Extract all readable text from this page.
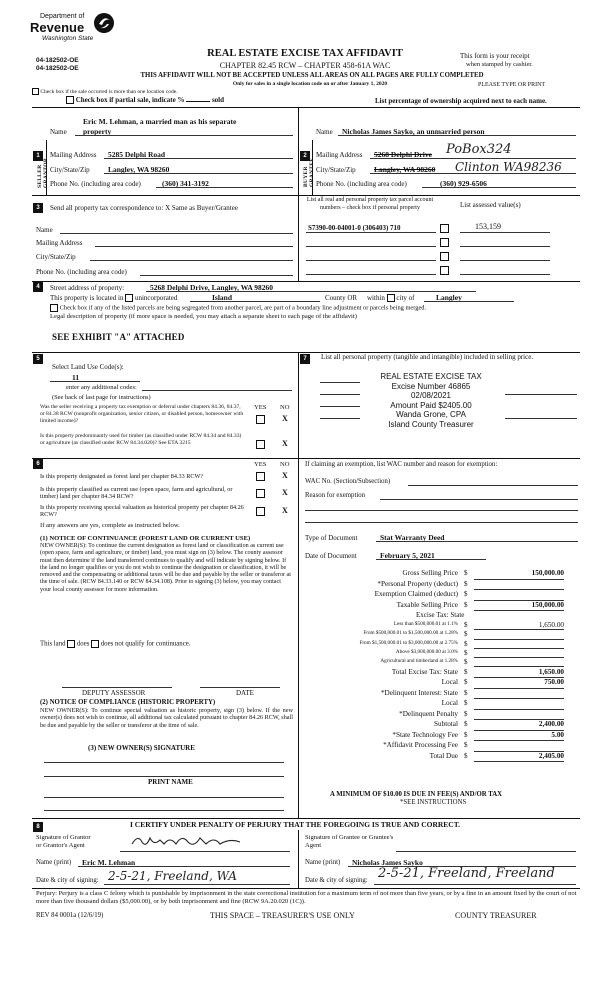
Department of
Revenue
Washington State
04-182502-OE
04-182502-OE
REAL ESTATE EXCISE TAX AFFIDAVIT
CHAPTER 82.45 RCW – CHAPTER 458-61A WAC
This form is your receipt
when stamped by cashier.
THIS AFFIDAVIT WILL NOT BE ACCEPTED UNLESS ALL AREAS ON ALL PAGES ARE FULLY COMPLETED
Only for sales in a single location code on or after January 1, 2020	PLEASE TYPE OR PRINT
Check box if the sale occurred is more than one location code.
Check box if partial sale, indicate %	sold	List percentage of ownership acquired next to each name.
1
SELLER GRANTOR
Eric M. Lehman, a married man as his separate
Name property
Mailing Address 5285 Delphi Road
City/State/Zip Langley, WA 98260
Phone No. (including area code)	(360) 341-3192
2
BUYER GRANTEE
Name Nicholas James Sayko, an unmarried person
Mailing Address 5268 Delphi Drive PoBox324
City/State/Zip Langley, WA 98260 Clinton WA98236
Phone No. (including area code)	(360) 929-6506
3	Send all property tax correspondence to: X Same as Buyer/Grantee
Name
Mailing Address
City/State/Zip
Phone No. (including area code)
List all real and personal property tax parcel account numbers – check box if personal property	List assessed value(s)
S7390-00-04001-0 (306403) 710	153,159
4	Street address of property:	5268 Delphi Drive, Langley, WA 98260
This property is located in unincorporated	Island	County OR within city of	Langley
Check box if any of the listed parcels are being segregated from another parcel, are part of a boundary line adjustment or parcels being merged.
Legal description of property (if more space is needed, you may attach a separate sheet to each page of the affidavit)
SEE EXHIBIT "A" ATTACHED
5
Select Land Use Code(s):
11
enter any additional codes:
(See back of last page for instructions)
YES NO
Was the seller receiving a property tax exemption or deferral under chapters 84.36, 84.37, or 84.38 RCW (nonprofit organization, senior citizen, or disabled person, homeowner with limited income)?	X
Is this property predominantly used for timber (as classified under RCW 84.34 and 84.33) or agriculture (as classified under RCW 84.34.020)? See ETA 3215	X
7	List all personal property (tangible and intangible) included in selling price.
REAL ESTATE EXCISE TAX
Excise Number 46865
02/08/2021
Amount Paid $2405.00
Wanda Grone, CPA
Island County Treasurer
6	YES NO
Is this property designated as forest land per chapter 84.33 RCW?	X
Is this property classified as current use (open space, farm and agricultural, or timber) land per chapter 84.34 RCW?	X
Is this property receiving special valuation as historical property per chapter 84.26 RCW?	X
If any answers are yes, complete as instructed below.
(1) NOTICE OF CONTINUANCE (FOREST LAND OR CURRENT USE)
NEW OWNER(S): To continue the current designation as forest land or classification as current use (open space, farm and agriculture, or timber) land, you must sign on (3) below. The county assessor must then determine if the land transferred continues to qualify and will indicate by signing below. If the land no longer qualifies or you do not wish to continue the designation or classification, it will be removed and the compensating or additional taxes will be due and payable by the seller or transferor at the time of sale. (RCW 84.33.140 or RCW 84.34.108). Prior to signing (3) below, you may contact your local county assessor for more information.
This land does does not qualify for continuance.
DEPUTY ASSESSOR	DATE
(2) NOTICE OF COMPLIANCE (HISTORIC PROPERTY)
NEW OWNER(S): To continue special valuation as historic property, sign (3) below. If the new owner(s) does not wish to continue, all additional tax calculated pursuant to chapter 84.26 RCW, shall be due and payable by the seller or transferor at the time of sale.
(3) NEW OWNER(S) SIGNATURE
PRINT NAME
If claiming an exemption, list WAC number and reason for exemption:
WAC No. (Section/Subsection)
Reason for exemption
Type of Document	Stat Warranty Deed
Date of Document	February 5, 2021
Gross Selling Price $	150,000.00
*Personal Property (deduct) $
Exemption Claimed (deduct) $
Taxable Selling Price $	150,000.00
Excise Tax: State
Less than $500,000.01 at 1.1% $	1,650.00
From $500,000.01 to $1,500,000.00 at 1.28% $
From $1,500,000.01 to $3,000,000.00 at 2.75% $
Above $3,000,000.00 at 3.0% $
Agricultural and timberland at 1.28% $
Total Excise Tax: State $	1,650.00
Local $	750.00
*Delinquent Interest: State $
Local $
*Delinquent Penalty $
Subtotal $	2,400.00
*State Technology Fee $	5.00
*Affidavit Processing Fee $
Total Due $	2,405.00
A MINIMUM OF $10.00 IS DUE IN FEE(S) AND/OR TAX
*SEE INSTRUCTIONS
8	I CERTIFY UNDER PENALTY OF PERJURY THAT THE FOREGOING IS TRUE AND CORRECT.
Signature of Grantor or Grantor's Agent
Name (print) Eric M. Lehman
Date & city of signing: 2-5-21, Freeland, WA
Signature of Grantee or Grantee's Agent
Name (print) Nicholas James Sayko
Date & city of signing: 2-5-21, Freeland, Freeland
Perjury: Perjury is a class C felony which is punishable by imprisonment in the state correctional institution for a maximum term of not more than five years, or by a fine in an amount fixed by the court of not more than five thousand dollars ($5,000.00), or by both imprisonment and fine (RCW 9A.20.020 (1C)).
REV 84 0001a (12/6/19)	THIS SPACE – TREASURER'S USE ONLY	COUNTY TREASURER
